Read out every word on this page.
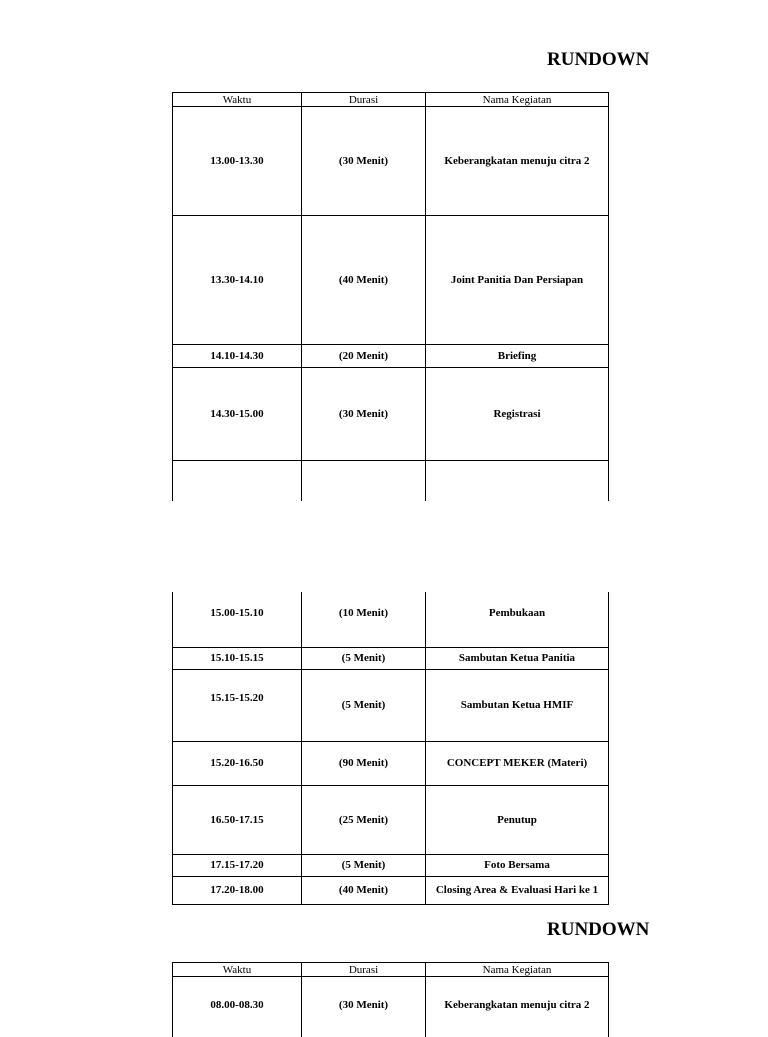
RUNDOWN
Waktu	Durasi	Nama Kegiatan
13.00-13.30	(30 Menit)	Keberangkatan menuju citra 2
13.30-14.10	(40 Menit)	Joint Panitia Dan Persiapan
14.10-14.30	(20 Menit)	Briefing
14.30-15.00	(30 Menit)	Registrasi

15.00-15.10	(10 Menit)	Pembukaan
15.10-15.15	(5 Menit)	Sambutan Ketua Panitia
15.15-15.20	(5 Menit)	Sambutan Ketua HMIF
15.20-16.50	(90 Menit)	CONCEPT MEKER (Materi)
16.50-17.15	(25 Menit)	Penutup
17.15-17.20	(5 Menit)	Foto Bersama
17.20-18.00	(40 Menit)	Closing Area & Evaluasi Hari ke 1
RUNDOWN
Waktu	Durasi	Nama Kegiatan
08.00-08.30	(30 Menit)	Keberangkatan menuju citra 2
